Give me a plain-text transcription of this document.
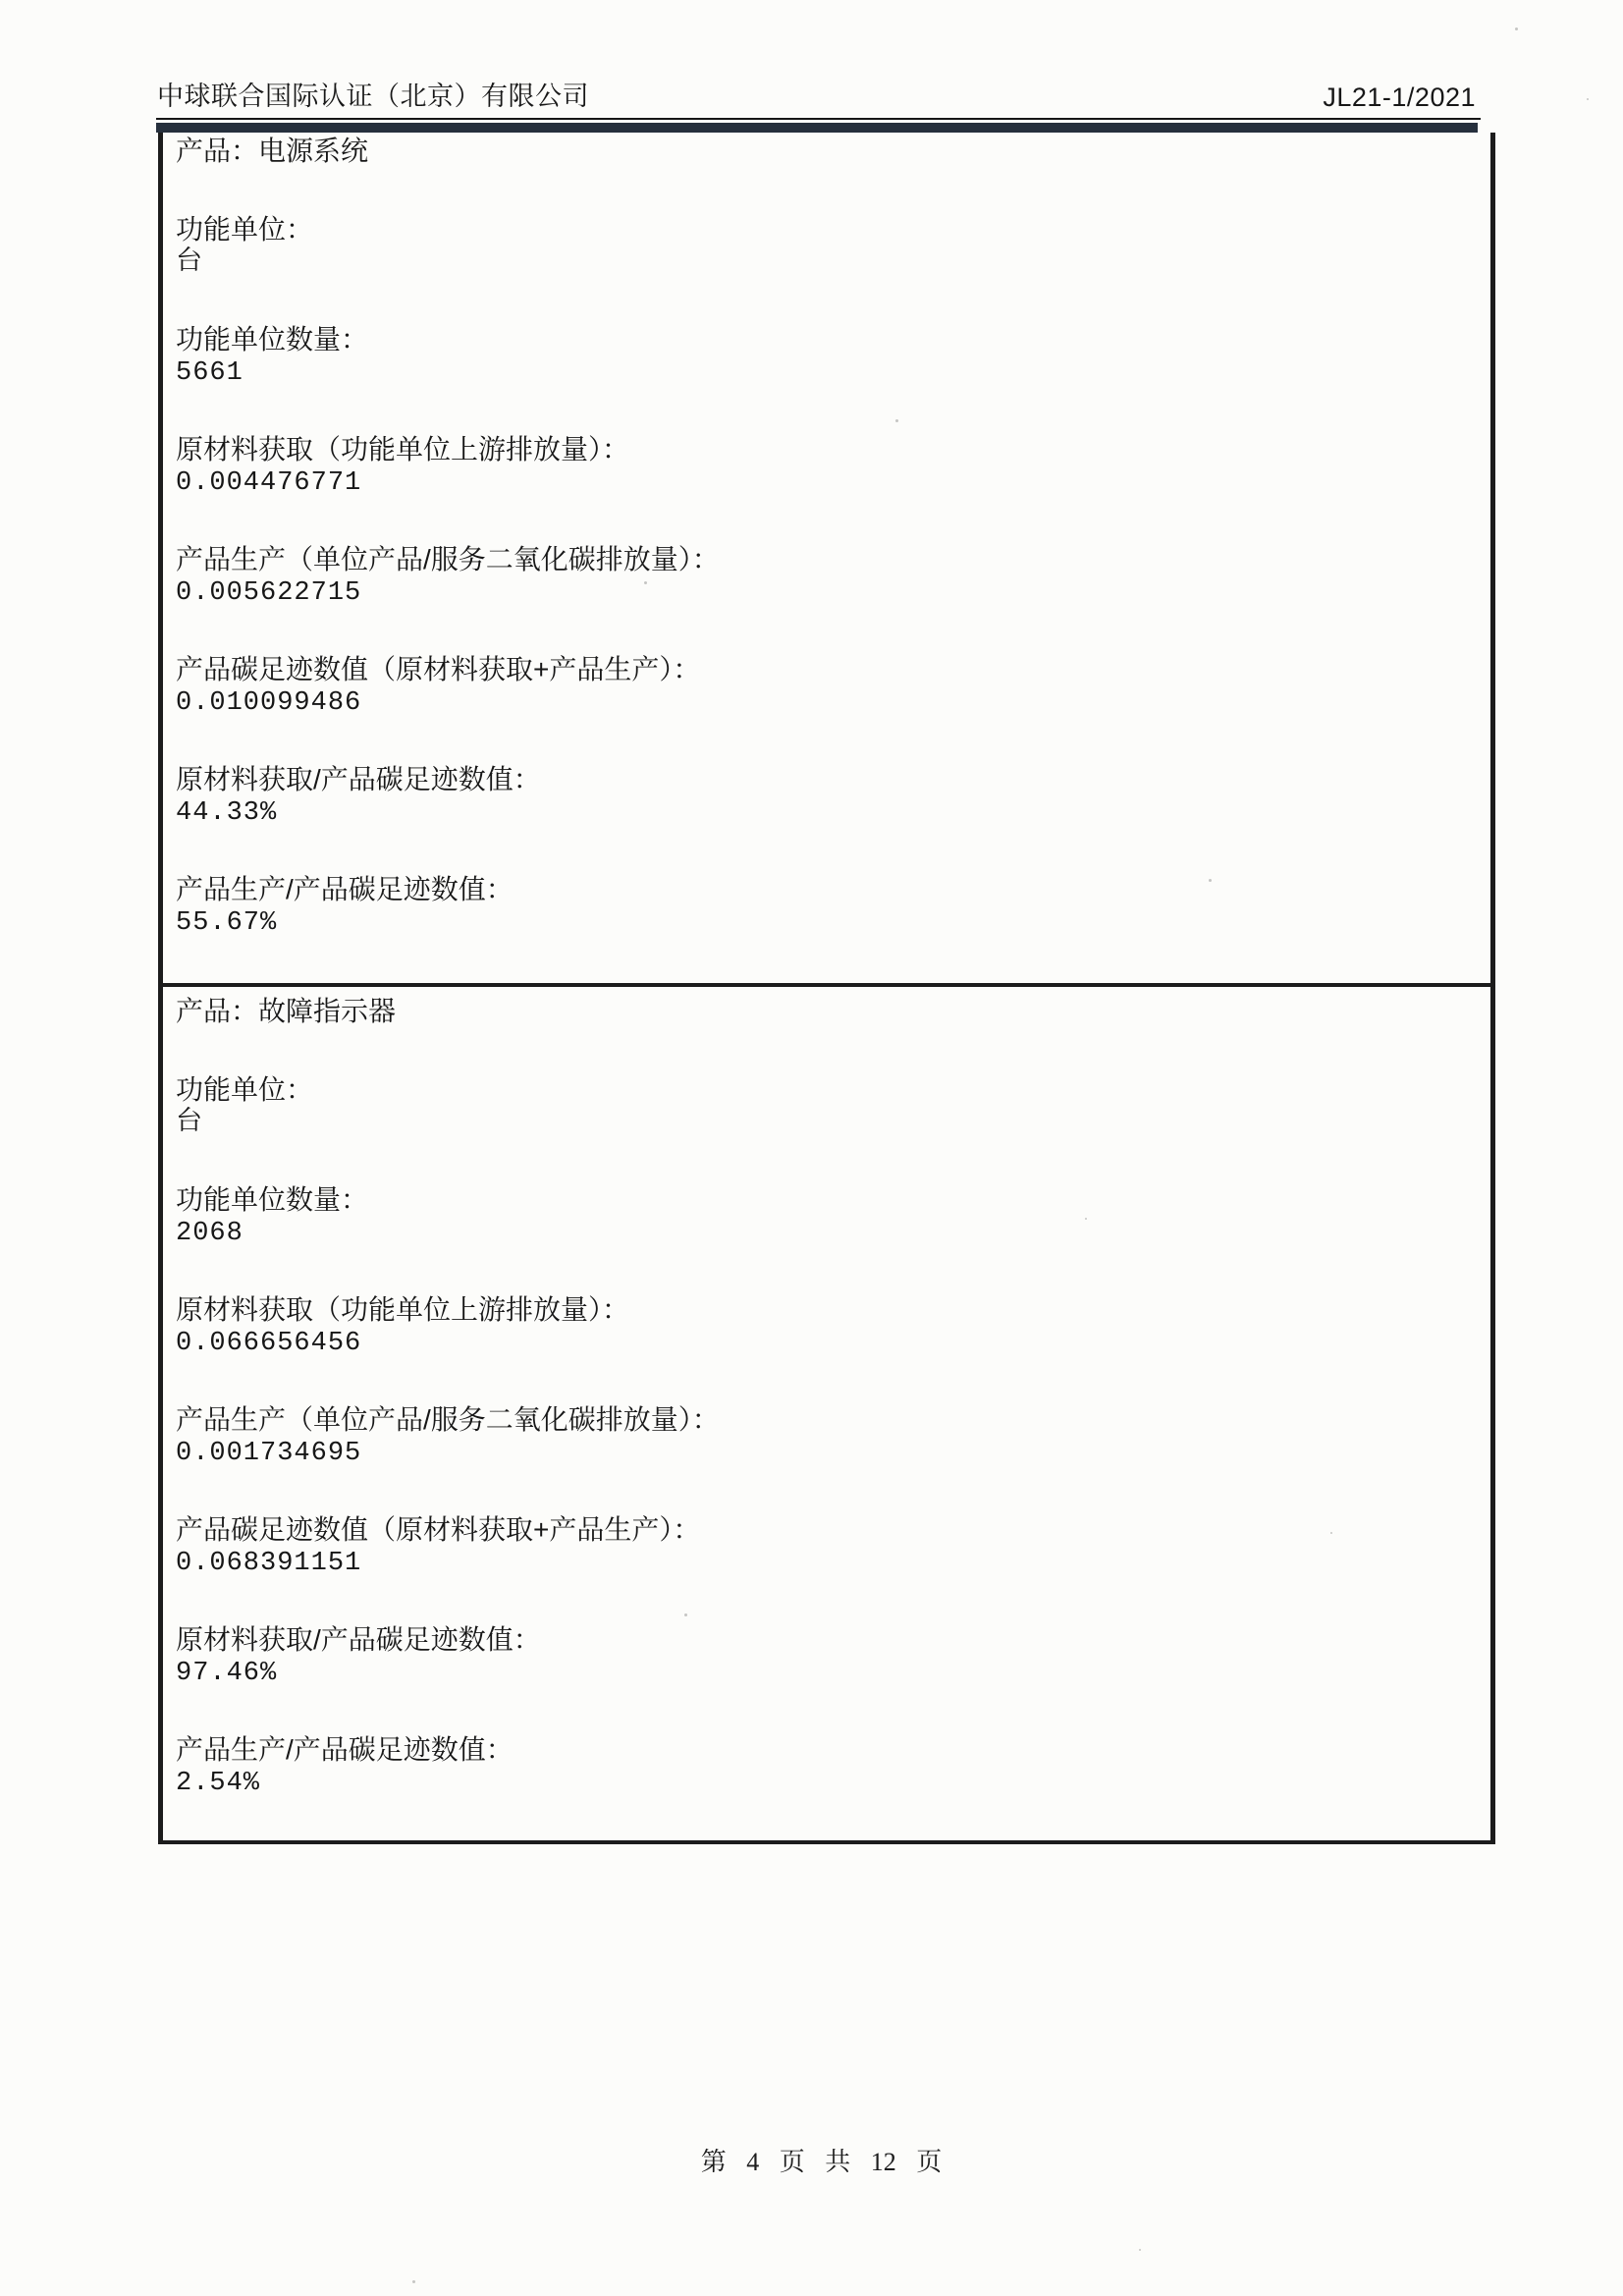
中球联合国际认证（北京）有限公司	JL21-1/2021
产品：电源系统
功能单位：
台
功能单位数量：
5661
原材料获取（功能单位上游排放量）：
0.004476771
产品生产（单位产品/服务二氧化碳排放量）：
0.005622715
产品碳足迹数值（原材料获取+产品生产）：
0.010099486
原材料获取/产品碳足迹数值：
44.33%
产品生产/产品碳足迹数值：
55.67%
产品：故障指示器
功能单位：
台
功能单位数量：
2068
原材料获取（功能单位上游排放量）：
0.066656456
产品生产（单位产品/服务二氧化碳排放量）：
0.001734695
产品碳足迹数值（原材料获取+产品生产）：
0.068391151
原材料获取/产品碳足迹数值：
97.46%
产品生产/产品碳足迹数值：
2.54%
第 4 页 共 12 页
